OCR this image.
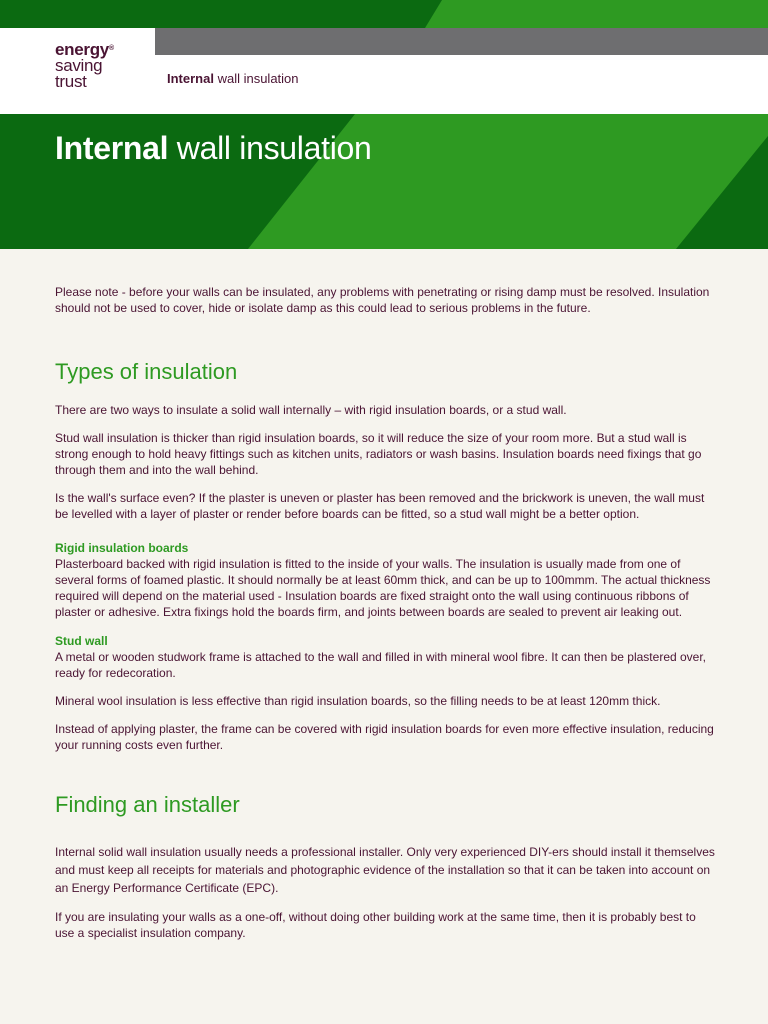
energy®
saving
trust	Internal wall insulation
Internal wall insulation

Please note - before your walls can be insulated, any problems with penetrating or rising damp must be resolved. Insulation should not be used to cover, hide or isolate damp as this could lead to serious problems in the future.

Types of insulation

There are two ways to insulate a solid wall internally – with rigid insulation boards, or a stud wall.

Stud wall insulation is thicker than rigid insulation boards, so it will reduce the size of your room more. But a stud wall is strong enough to hold heavy fittings such as kitchen units, radiators or wash basins. Insulation boards need fixings that go through them and into the wall behind.

Is the wall's surface even? If the plaster is uneven or plaster has been removed and the brickwork is uneven, the wall must be levelled with a layer of plaster or render before boards can be fitted, so a stud wall might be a better option.

Rigid insulation boards

Plasterboard backed with rigid insulation is fitted to the inside of your walls. The insulation is usually made from one of several forms of foamed plastic. It should normally be at least 60mm thick, and can be up to 100mmm. The actual thickness required will depend on the material used - Insulation boards are fixed straight onto the wall using continuous ribbons of plaster or adhesive. Extra fixings hold the boards firm, and joints between boards are sealed to prevent air leaking out.

Stud wall

A metal or wooden studwork frame is attached to the wall and filled in with mineral wool fibre. It can then be plastered over, ready for redecoration.

Mineral wool insulation is less effective than rigid insulation boards, so the filling needs to be at least 120mm thick.

Instead of applying plaster, the frame can be covered with rigid insulation boards for even more effective insulation, reducing your running costs even further.

Finding an installer

Internal solid wall insulation usually needs a professional installer. Only very experienced DIY-ers should install it themselves and must keep all receipts for materials and photographic evidence of the installation so that it can be taken into account on an Energy Performance Certificate (EPC).

If you are insulating your walls as a one-off, without doing other building work at the same time, then it is probably best to use a specialist insulation company.
